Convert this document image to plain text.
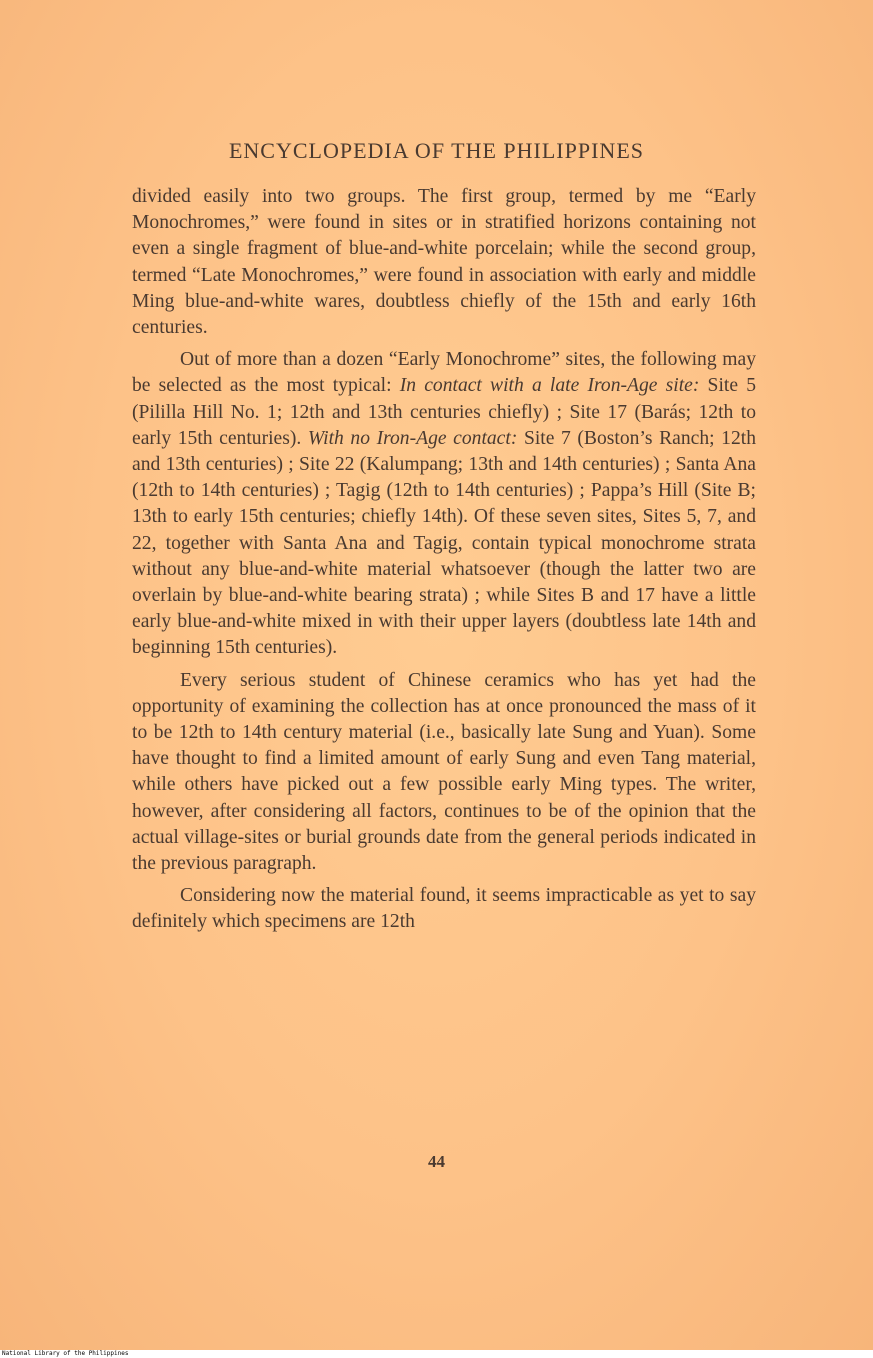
ENCYCLOPEDIA OF THE PHILIPPINES

divided easily into two groups. The first group, termed by me “Early Monochromes,” were found in sites or in stratified horizons containing not even a single fragment of blue-and-white porcelain; while the second group, termed “Late Monochromes,” were found in association with early and middle Ming blue-and-white wares, doubtless chiefly of the 15th and early 16th centuries.

Out of more than a dozen “Early Monochrome” sites, the following may be selected as the most typical: In contact with a late Iron-Age site: Site 5 (Pililla Hill No. 1; 12th and 13th centuries chiefly) ; Site 17 (Barás; 12th to early 15th centuries). With no Iron-Age contact: Site 7 (Boston’s Ranch; 12th and 13th centuries) ; Site 22 (Kalumpang; 13th and 14th centuries) ; Santa Ana (12th to 14th centuries) ; Tagig (12th to 14th centuries) ; Pappa’s Hill (Site B; 13th to early 15th centuries; chiefly 14th). Of these seven sites, Sites 5, 7, and 22, together with Santa Ana and Tagig, contain typical monochrome strata without any blue-and-white material whatsoever (though the latter two are overlain by blue-and-white bearing strata) ; while Sites B and 17 have a little early blue-and-white mixed in with their upper layers (doubtless late 14th and beginning 15th centuries).

Every serious student of Chinese ceramics who has yet had the opportunity of examining the collection has at once pronounced the mass of it to be 12th to 14th century material (i.e., basically late Sung and Yuan). Some have thought to find a limited amount of early Sung and even Tang material, while others have picked out a few possible early Ming types. The writer, however, after considering all factors, continues to be of the opinion that the actual village-sites or burial grounds date from the general periods indicated in the previous paragraph.

Considering now the material found, it seems impracticable as yet to say definitely which specimens are 12th

44
National Library of the Philippines
